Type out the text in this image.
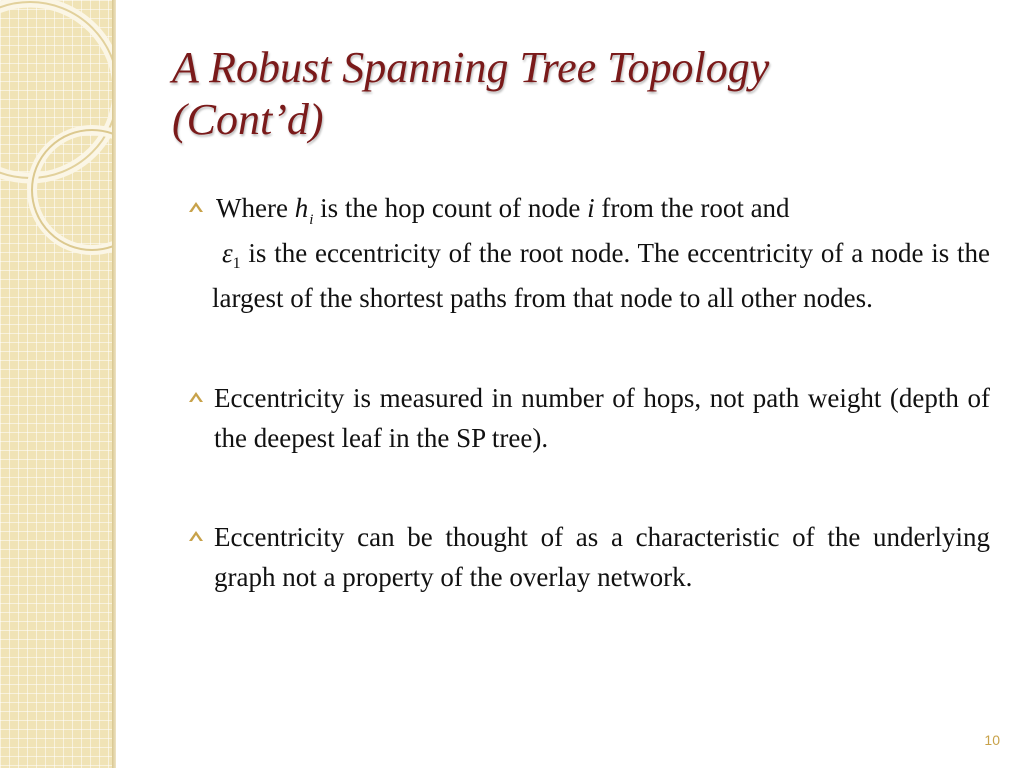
A Robust Spanning Tree Topology
(Cont’d)
Where $h_i$ is the hop count of node i from the root and
$\varepsilon_1$ is the eccentricity of the root node. The eccentricity of a node is the largest of the shortest paths from that node to all other nodes.
Eccentricity is measured in number of hops, not path weight (depth of the deepest leaf in the SP tree).
Eccentricity can be thought of as a characteristic of the underlying graph not a property of the overlay network.
10
